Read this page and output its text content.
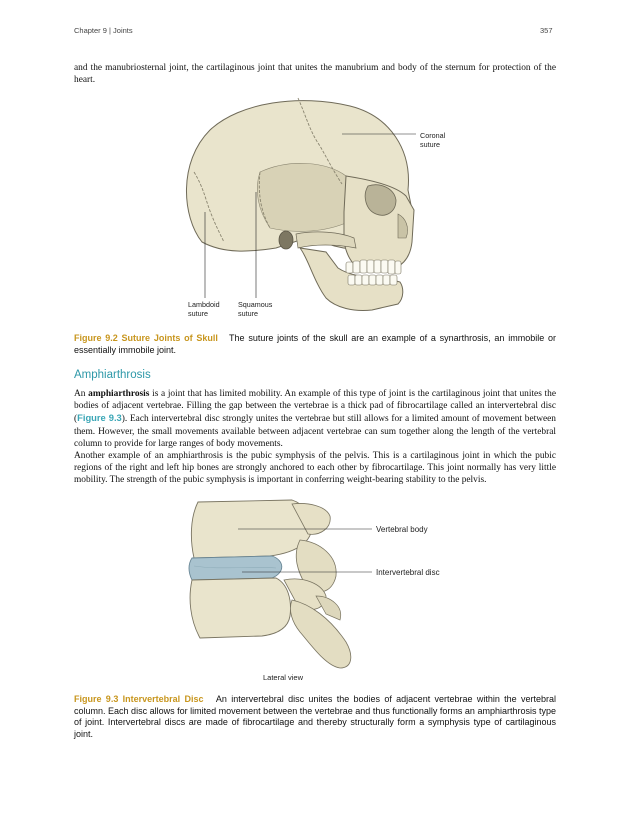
Chapter 9 | Joints	357
and the manubriosternal joint, the cartilaginous joint that unites the manubrium and body of the sternum for protection of the heart.
Coronal
suture
Lambdoid
suture
Squamous
suture
Figure 9.2 Suture Joints of Skull The suture joints of the skull are an example of a synarthrosis, an immobile or essentially immobile joint.
Amphiarthrosis
An amphiarthrosis is a joint that has limited mobility. An example of this type of joint is the cartilaginous joint that unites the bodies of adjacent vertebrae. Filling the gap between the vertebrae is a thick pad of fibrocartilage called an intervertebral disc (Figure 9.3). Each intervertebral disc strongly unites the vertebrae but still allows for a limited amount of movement between them. However, the small movements available between adjacent vertebrae can sum together along the length of the vertebral column to provide for large ranges of body movements.
Another example of an amphiarthrosis is the pubic symphysis of the pelvis. This is a cartilaginous joint in which the pubic regions of the right and left hip bones are strongly anchored to each other by fibrocartilage. This joint normally has very little mobility. The strength of the pubic symphysis is important in conferring weight-bearing stability to the pelvis.
Vertebral body
Intervertebral disc
Lateral view
Figure 9.3 Intervertebral Disc An intervertebral disc unites the bodies of adjacent vertebrae within the vertebral column. Each disc allows for limited movement between the vertebrae and thus functionally forms an amphiarthrosis type of joint. Intervertebral discs are made of fibrocartilage and thereby structurally form a symphysis type of cartilaginous joint.
